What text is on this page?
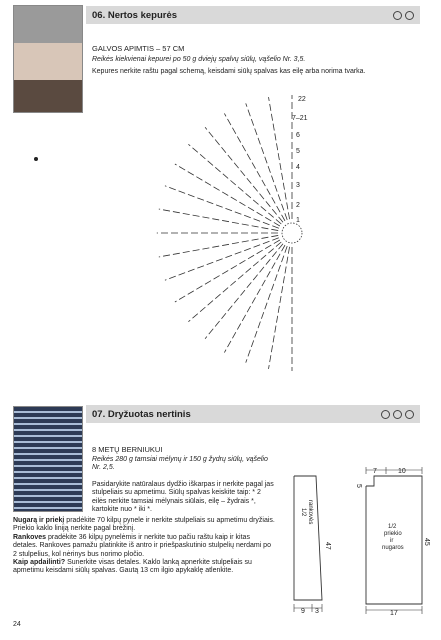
06. Nertos kepurės
GALVOS APIMTIS – 57 CM
Reikės kiekvienai kepurei po 50 g dviejų spalvų siūlų, vąšelio Nr. 3,5.
Kepures nerkite raštu pagal schemą, keisdami siūlų spalvas kas eilę arba norima tvarka.
22
7–21
6
5
4
3
2
1
07. Dryžuotas nertinis
8 METŲ BERNIUKUI
Reikės 280 g tamsiai mėlynų ir 150 g žydrų siūlų, vąšelio Nr. 2,5.
Pasidarykite natūralaus dydžio iškarpas ir nerkite pagal jas stulpeliais su apmetimu. Siūlų spalvas keiskite taip: * 2 eilės nerkite tamsiai mėlynais siūlais, eilę – žydrais *, kartokite nuo * iki *.
Nugarą ir priekį pradėkite 70 kilpų pynele ir nerkite stulpeliais su apmetimu dryžiais. Priekio kaklo liniją nerkite pagal brėžinį.
Rankoves pradėkite 36 kilpų pynelėmis ir nerkite tuo pačiu raštu kaip ir kitas detales. Rankoves pamažu platinkite iš antro ir priešpaskutinio stulpelių nerdami po 2 stulpelius, kol nėrinys bus norimo pločio.
Kaip apdailinti? Sunerkite visas detales. Kaklo lanką apnerkite stulpeliais su apmetimu keisdami siūlų spalvas. Gautą 13 cm ilgio apykaklę atlenkite.
9 3
47
1/2 rankovės
7	10
5
17
45
1/2
priekio
ir
nugaros
24
